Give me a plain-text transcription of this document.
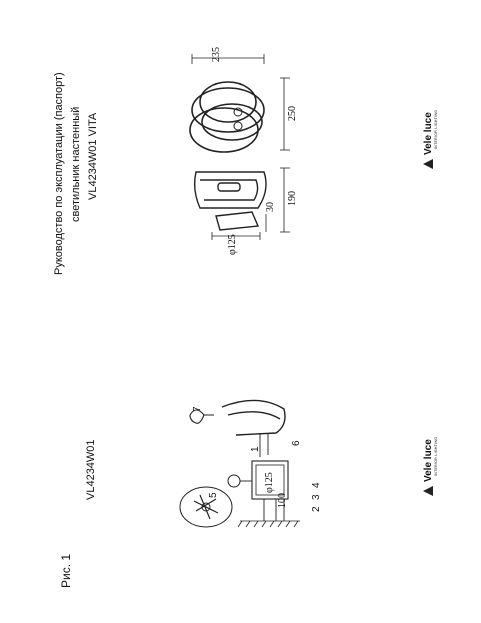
Руководство по эксплуатации (паспорт) светильник настенный VL4234W01 VITA
VL4234W01
Рис. 1
Vele luce INTERIOR LIGHTING
Vele luce INTERIOR LIGHTING
235
250
190
30
φ125
φ125
100
1
2
3
4
5
6
7
